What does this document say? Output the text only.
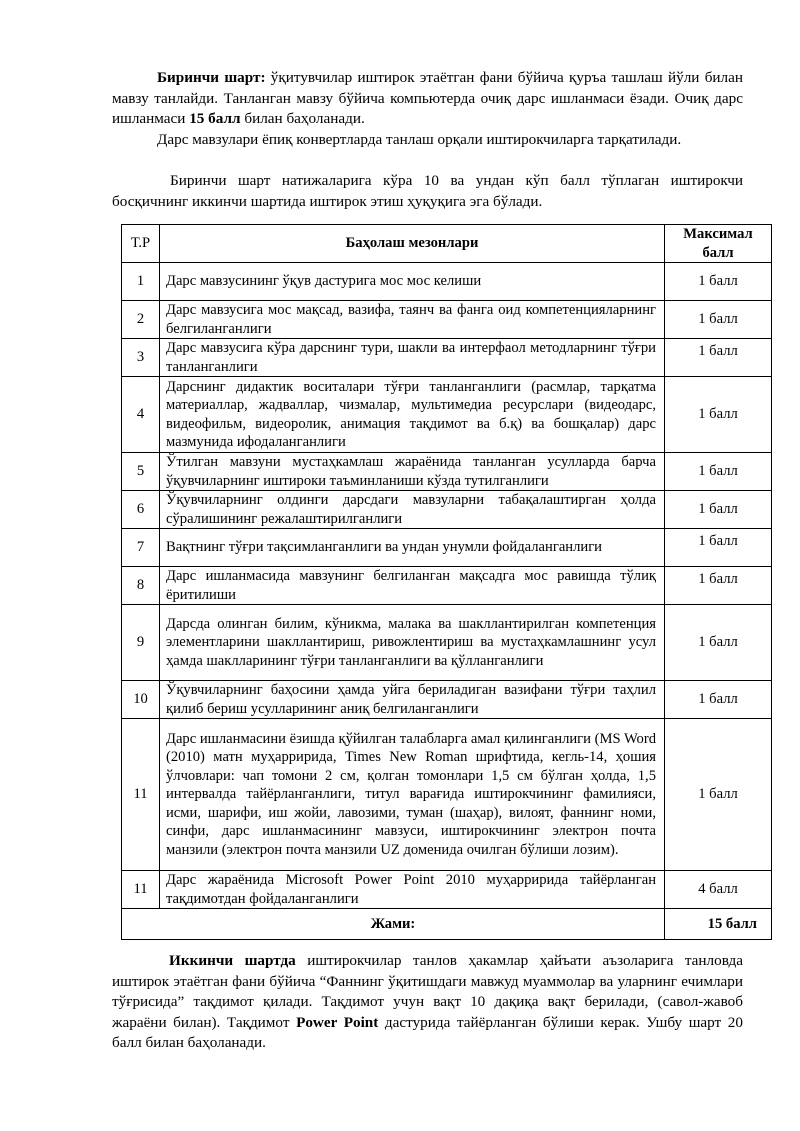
Биринчи шарт: ўқитувчилар иштирок этаётган фани бўйича қуръа ташлаш йўли билан мавзу танлайди. Танланган мавзу бўйича компьютерда очиқ дарс ишланмаси ёзади. Очиқ дарс ишланмаси 15 балл билан баҳоланади.

Дарс мавзулари ёпиқ конвертларда танлаш орқали иштирокчиларга тарқатилади.

Биринчи шарт натижаларига кўра 10 ва ундан кўп балл тўплаган иштирокчи босқичнинг иккинчи шартида иштирок этиш ҳуқуқига эга бўлади.

Т.Р	Баҳолаш мезонлари	Максимал балл
1	Дарс мавзусининг ўқув дастурига мос мос келиши	1 балл
2	Дарс мавзусига мос мақсад, вазифа, таянч ва фанга оид компетенцияларнинг белгиланганлиги	1 балл
3	Дарс мавзусига кўра дарснинг тури, шакли ва интерфаол методларнинг тўғри танланганлиги	1 балл
4	Дарснинг дидактик воситалари тўғри танланганлиги (расмлар, тарқатма материаллар, жадваллар, чизмалар, мультимедиа ресурслари (видеодарс, видеофильм, видеоролик, анимация тақдимот ва б.қ) ва бошқалар) дарс мазмунида ифодаланганлиги	1 балл
5	Ўтилган мавзуни мустаҳкамлаш жараёнида танланган усулларда барча ўқувчиларнинг иштироки таъминланиши кўзда тутилганлиги	1 балл
6	Ўқувчиларнинг олдинги дарсдаги мавзуларни табақалаштирган ҳолда сўралишининг режалаштирилганлиги	1 балл
7	Вақтнинг тўғри тақсимланганлиги ва ундан унумли фойдаланганлиги	1 балл
8	Дарс ишланмасида мавзунинг белгиланган мақсадга мос равишда тўлиқ ёритилиши	1 балл
9	Дарсда олинган билим, кўникма, малака ва шакллантирилган компетенция элементларини шакллантириш, ривожлентириш ва мустаҳкамлашнинг усул ҳамда шаклларининг тўғри танланганлиги ва қўлланганлиги	1 балл
10	Ўқувчиларнинг баҳосини ҳамда уйга бериладиган вазифани тўғри таҳлил қилиб бериш усулларининг аниқ белгиланганлиги	1 балл
11	Дарс ишланмасини ёзишда қўйилган талабларга амал қилинганлиги (MS Word (2010) матн муҳарририда, Times New Roman шрифтида, кегль-14, ҳошия ўлчовлари: чап томони 2 см, қолган томонлари 1,5 см бўлган ҳолда, 1,5 интервалда тайёрланганлиги, титул варағида иштирокчининг фамилияси, исми, шарифи, иш жойи, лавозими, туман (шаҳар), вилоят, фаннинг номи, синфи, дарс ишланмасининг мавзуси, иштирокчининг электрон почта манзили (электрон почта манзили UZ доменида очилган бўлиши лозим).	1 балл
11	Дарс жараёнида Microsoft Power Point 2010 муҳарририда тайёрланган тақдимотдан фойдаланганлиги	4 балл
Жами:		15 балл

Иккинчи шартда иштирокчилар танлов ҳакамлар ҳайъати аъзоларига танловда иштирок этаётган фани бўйича “Фаннинг ўқитишдаги мавжуд муаммолар ва уларнинг ечимлари тўғрисида” тақдимот қилади. Тақдимот учун вақт 10 дақиқа вақт берилади, (савол-жавоб жараёни билан). Тақдимот Power Point дастурида тайёрланган бўлиши керак. Ушбу шарт 20 балл билан баҳоланади.
